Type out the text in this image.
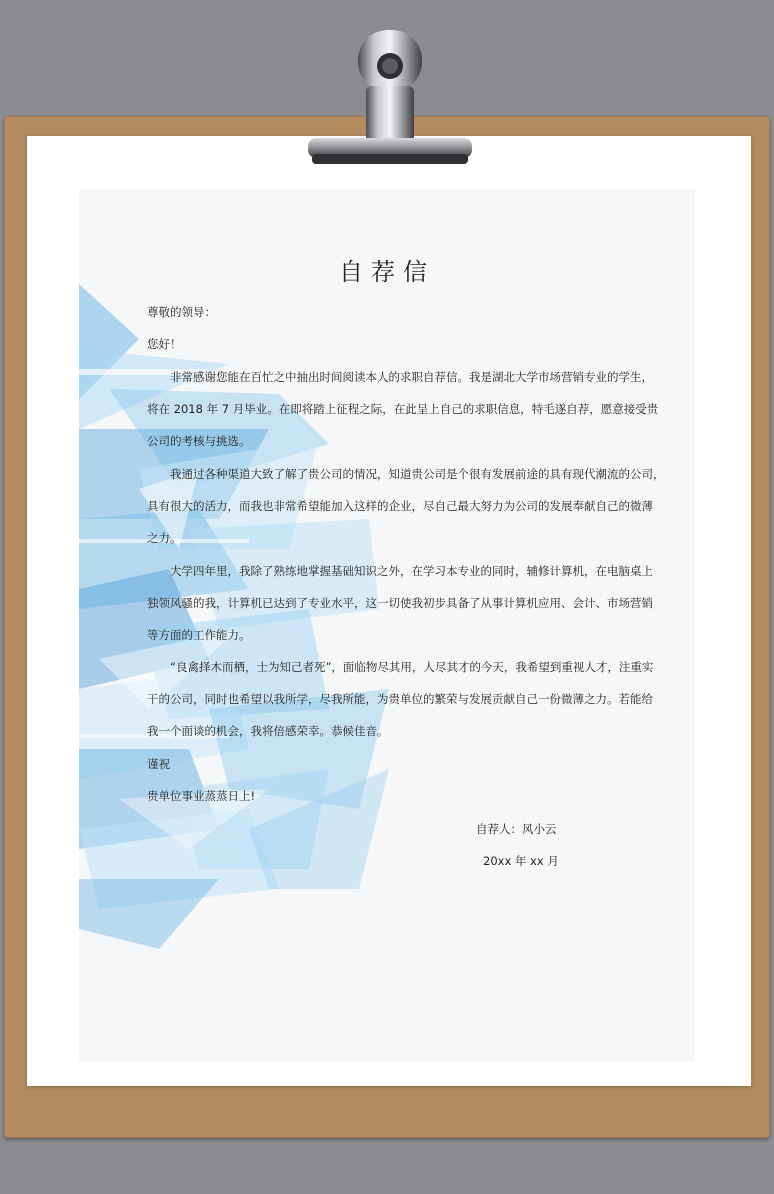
自荐信
尊敬的领导：
您好！
非常感谢您能在百忙之中抽出时间阅读本人的求职自荐信。我是湖北大学市场营销专业的学生，
将在 2018 年 7 月毕业。在即将踏上征程之际，在此呈上自己的求职信息，特毛遂自荐，愿意接受贵
公司的考核与挑选。
我通过各种渠道大致了解了贵公司的情况，知道贵公司是个很有发展前途的具有现代潮流的公司，
具有很大的活力，而我也非常希望能加入这样的企业，尽自己最大努力为公司的发展奉献自己的微薄
之力。
大学四年里，我除了熟练地掌握基础知识之外，在学习本专业的同时，辅修计算机，在电脑桌上
独领风骚的我，计算机已达到了专业水平，这一切使我初步具备了从事计算机应用、会计、市场营销
等方面的工作能力。
“良禽择木而栖，士为知己者死”，面临物尽其用，人尽其才的今天，我希望到重视人才，注重实
干的公司，同时也希望以我所学，尽我所能，为贵单位的繁荣与发展贡献自己一份微薄之力。若能给
我一个面谈的机会，我将倍感荣幸。恭候佳音。
谨祝
贵单位事业蒸蒸日上!
自荐人：风小云
20xx 年 xx 月
